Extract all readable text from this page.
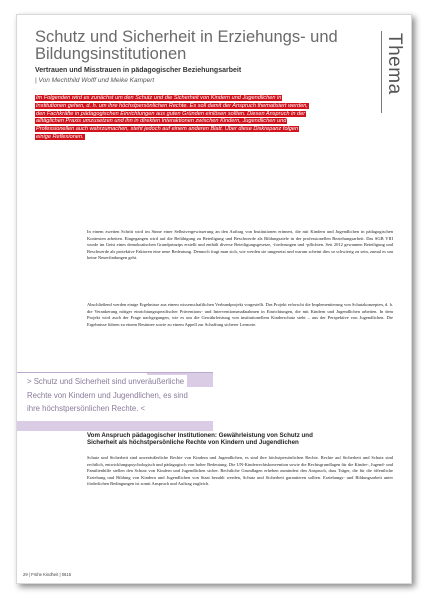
Thema
Schutz und Sicherheit in Erziehungs- und Bildungsinstitutionen
Vertrauen und Misstrauen in pädagogischer Beziehungsarbeit
| Von Mechthild Wolff und Meike Kampert

Im Folgenden wird es zunächst um den Schutz und die Sicherheit von Kindern und Jugendlichen in Institutionen gehen, d. h. um ihre höchstpersönlichen Rechte. Es soll damit der Anspruch thematisiert werden, den Fachkräfte in pädagogischen Einrichtungen aus guten Gründen einlösen sollten. Diesen Anspruch in der alltäglichen Praxis umzusetzen und ihn in direkten Interaktionen zwischen Kindern, Jugendlichen und Professionellen auch wahrzumachen, steht jedoch auf einem anderen Blatt. Über diese Diskrepanz folgen einige Reflexionen.

In einem zweiten Schritt wird im Sinne einer Selbstvergewisserung an den Auftrag von Institutionen erinnert, die mit Kindern und Jugendlichen in pädagogischen Kontexten arbeiten. Eingegangen wird auf die Befähigung zu Beteiligung und Beschwerde als Bildungsziele in der professionellen Beziehungsarbeit. Das SGB VIII wurde im Geist eines demokratischen Grundprinzips erstellt und enthält diverse Beteiligungsgesetze, -forderungen und -pflichten. Seit 2012 gewannen Beteiligung und Beschwerde als protektive Faktoren eine neue Bedeutung. Dennoch fragt man sich, wie werden sie umgesetzt und warum scheint dies so schwierig zu sein, zumal es um keine Neuerfindungen geht.

Abschließend werden einige Ergebnisse aus einem wissenschaftlichen Verbundprojekt vorgestellt. Das Projekt erforscht die Implementierung von Schutzkonzepten, d. h. die Verankerung nötiger einrichtungsspezifischer Präventions- und Interventionsmaßnahmen in Einrichtungen, die mit Kindern und Jugendlichen arbeiten. In dem Projekt wird auch der Frage nachgegangen, wie es um die Gewährleistung von institutionellem Kinderschutz steht – aus der Perspektive von Jugendlichen. Die Ergebnisse führen zu einem Resümee sowie zu einem Appell zur Schaffung sicherer Lernorte.

> Schutz und Sicherheit sind unveräußerliche
Rechte von Kindern und Jugendlichen, es sind
ihre höchstpersönlichen Rechte. <

Vom Anspruch pädagogischer Institutionen: Gewährleistung von Schutz und Sicherheit als höchstpersönliche Rechte von Kindern und Jugendlichen

Schutz und Sicherheit sind unveräußerliche Rechte von Kindern und Jugendlichen, es sind ihre höchstpersönlichen Rechte. Rechte auf Sicherheit und Schutz sind rechtlich, entwicklungspsychologisch und pädagogisch von hoher Bedeutung. Die UN-Kinderrechtskonvention sowie die Rechtsgrundlagen für die Kinder-, Jugend- und Familienhilfe stellen den Schutz von Kindern und Jugendlichen sicher. Rechtliche Grundlagen erheben zumindest den Anspruch, dass Träger, die für die öffentliche Erziehung und Bildung von Kindern und Jugendlichen von Staat bezahlt werden, Schutz und Sicherheit garantieren sollten. Erziehungs- und Bildungsarbeit unter förderlichen Bedingungen ist somit Anspruch und Auftrag zugleich.

29 | Frühe Kindheit | 0615
